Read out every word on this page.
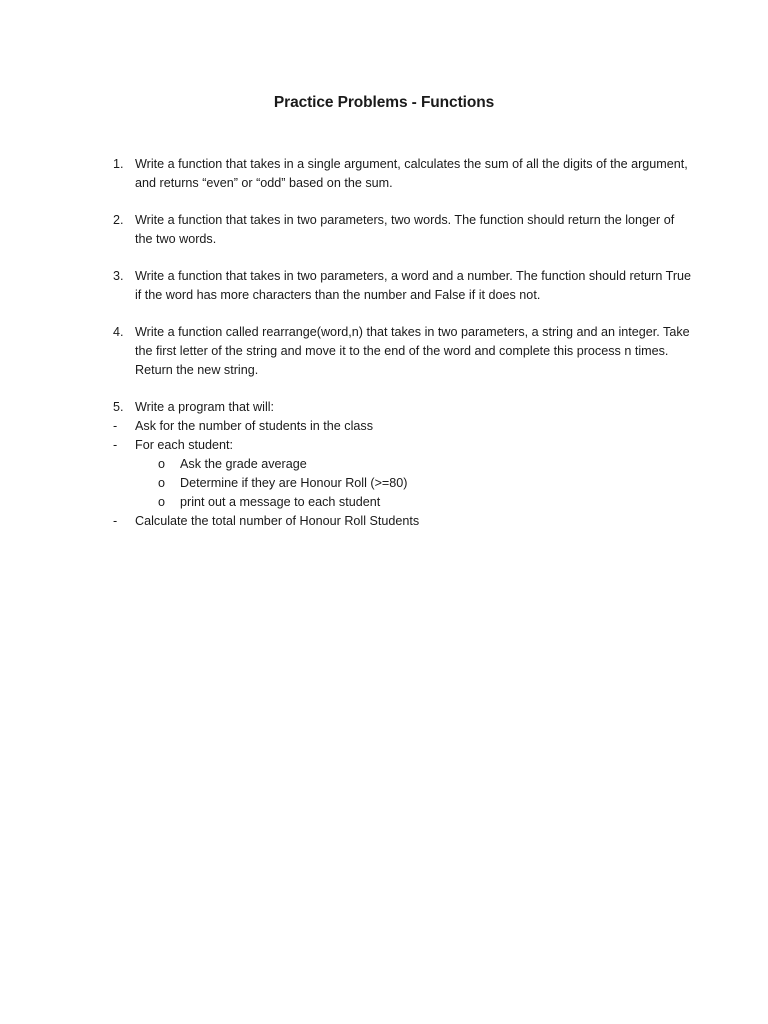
Practice Problems - Functions
1. Write a function that takes in a single argument, calculates the sum of all the digits of the argument, and returns “even” or “odd” based on the sum.
2. Write a function that takes in two parameters, two words. The function should return the longer of the two words.
3. Write a function that takes in two parameters, a word and a number. The function should return True if the word has more characters than the number and False if it does not.
4. Write a function called rearrange(word,n) that takes in two parameters, a string and an integer. Take the first letter of the string and move it to the end of the word and complete this process n times. Return the new string.
5. Write a program that will:
- Ask for the number of students in the class
- For each student:
o Ask the grade average
o Determine if they are Honour Roll (>=80)
o print out a message to each student
- Calculate the total number of Honour Roll Students
